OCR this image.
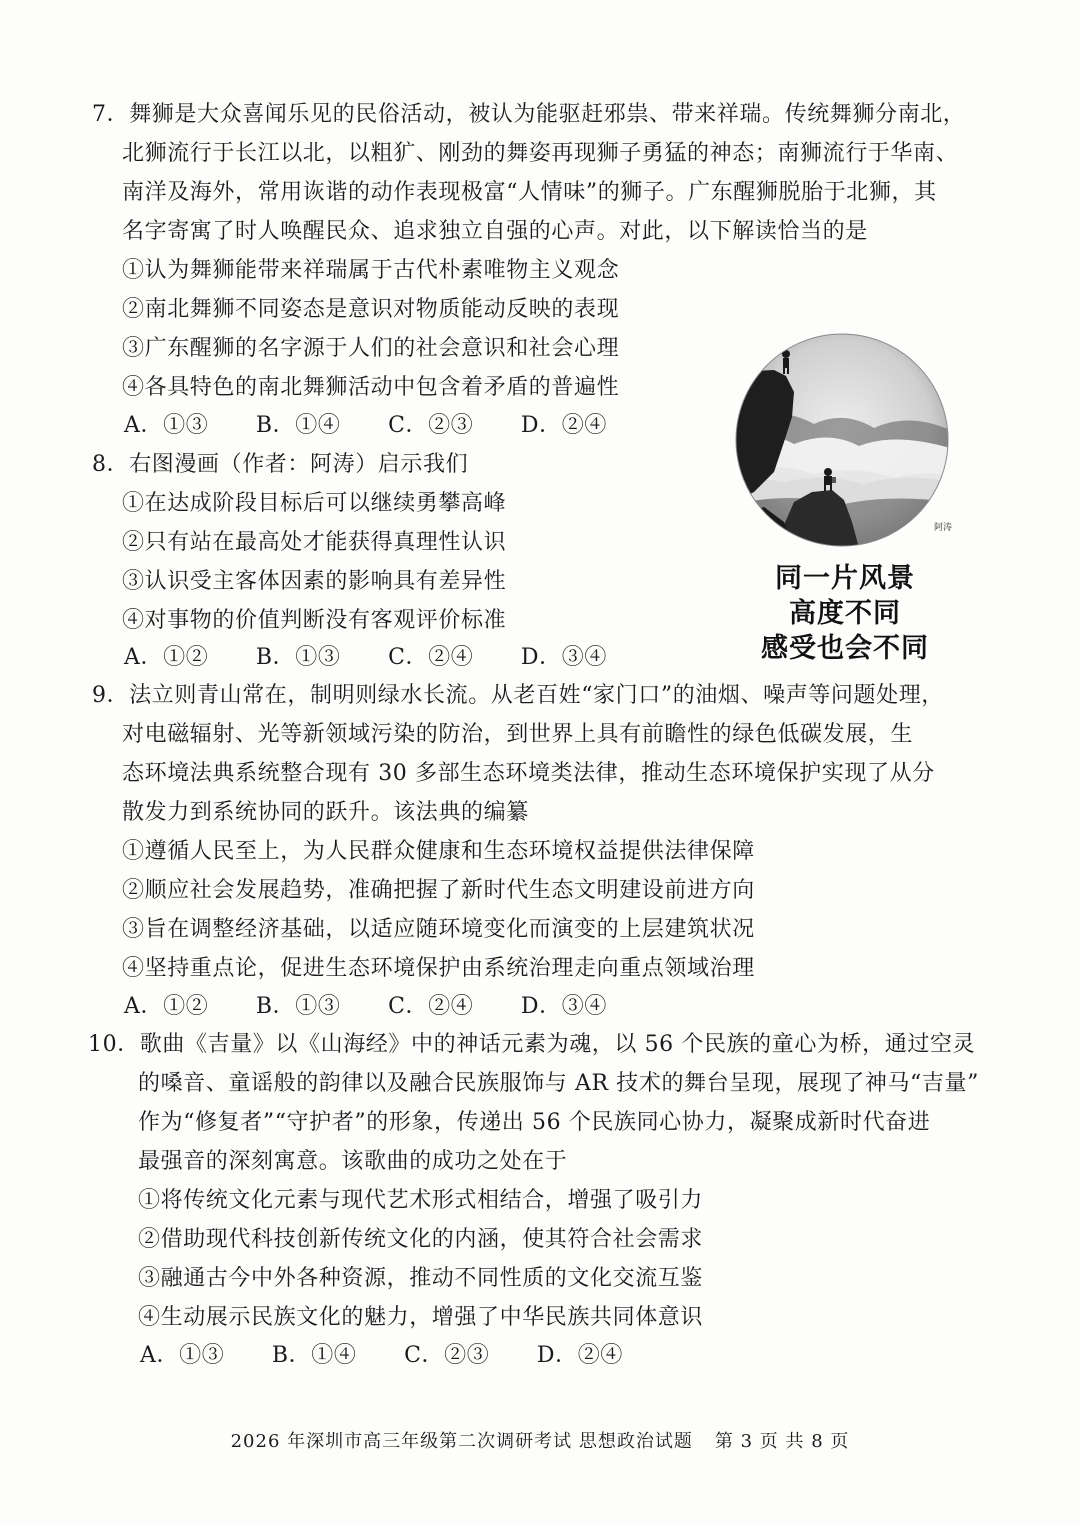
7．舞狮是大众喜闻乐见的民俗活动，被认为能驱赶邪祟、带来祥瑞。传统舞狮分南北，
北狮流行于长江以北，以粗犷、刚劲的舞姿再现狮子勇猛的神态；南狮流行于华南、
南洋及海外，常用诙谐的动作表现极富“人情味”的狮子。广东醒狮脱胎于北狮，其
名字寄寓了时人唤醒民众、追求独立自强的心声。对此，以下解读恰当的是
①认为舞狮能带来祥瑞属于古代朴素唯物主义观念
②南北舞狮不同姿态是意识对物质能动反映的表现
③广东醒狮的名字源于人们的社会意识和社会心理
④各具特色的南北舞狮活动中包含着矛盾的普遍性
A．①③ B．①④ C．②③ D．②④
8．右图漫画（作者：阿涛）启示我们
①在达成阶段目标后可以继续勇攀高峰
②只有站在最高处才能获得真理性认识
③认识受主客体因素的影响具有差异性
④对事物的价值判断没有客观评价标准
A．①② B．①③ C．②④ D．③④
阿涛
同一片风景
高度不同
感受也会不同
9．法立则青山常在，制明则绿水长流。从老百姓“家门口”的油烟、噪声等问题处理，
对电磁辐射、光等新领域污染的防治，到世界上具有前瞻性的绿色低碳发展，生
态环境法典系统整合现有 30 多部生态环境类法律，推动生态环境保护实现了从分
散发力到系统协同的跃升。该法典的编纂
①遵循人民至上，为人民群众健康和生态环境权益提供法律保障
②顺应社会发展趋势，准确把握了新时代生态文明建设前进方向
③旨在调整经济基础，以适应随环境变化而演变的上层建筑状况
④坚持重点论，促进生态环境保护由系统治理走向重点领域治理
A．①② B．①③ C．②④ D．③④
10．歌曲《吉量》以《山海经》中的神话元素为魂，以 56 个民族的童心为桥，通过空灵
的嗓音、童谣般的韵律以及融合民族服饰与 AR 技术的舞台呈现，展现了神马“吉量”
作为“修复者”“守护者”的形象，传递出 56 个民族同心协力，凝聚成新时代奋进
最强音的深刻寓意。该歌曲的成功之处在于
①将传统文化元素与现代艺术形式相结合，增强了吸引力
②借助现代科技创新传统文化的内涵，使其符合社会需求
③融通古今中外各种资源，推动不同性质的文化交流互鉴
④生动展示民族文化的魅力，增强了中华民族共同体意识
A．①③ B．①④ C．②③ D．②④
2026 年深圳市高三年级第二次调研考试 思想政治试题 第 3 页 共 8 页
